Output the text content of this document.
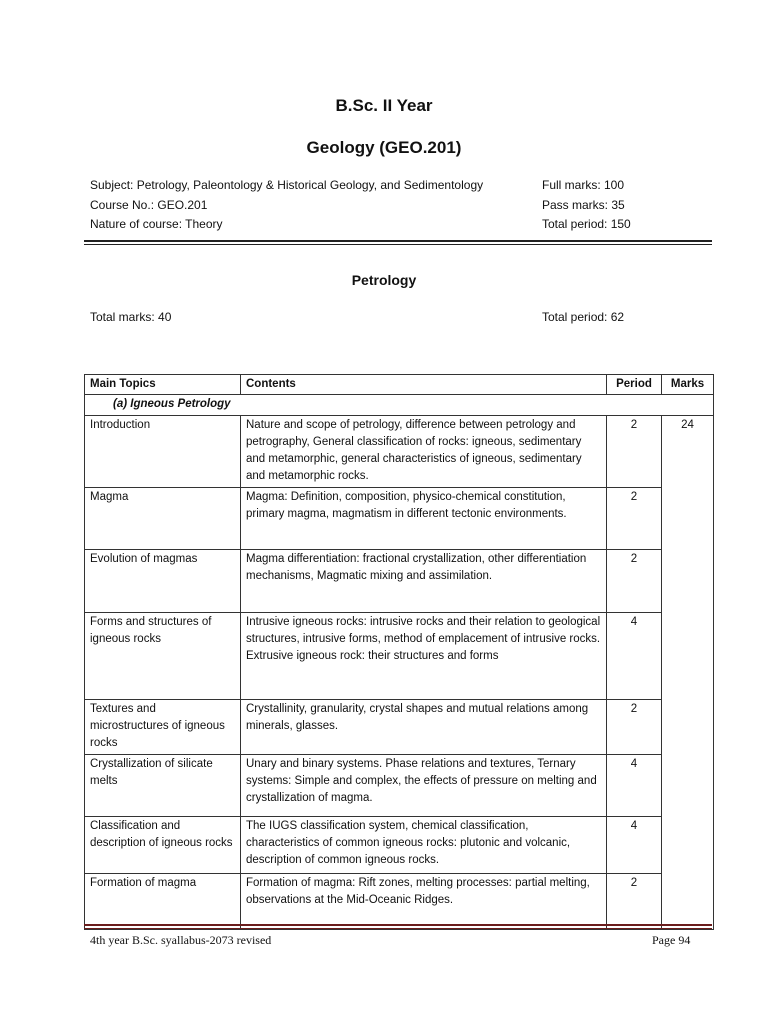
B.Sc. II Year
Geology (GEO.201)
Subject: Petrology, Paleontology & Historical Geology, and Sedimentology
Course No.: GEO.201
Nature of course: Theory
Full marks: 100
Pass marks: 35
Total period: 150
Petrology
Total marks: 40	Total period: 62
Main Topics	Contents	Period	Marks
(a) Igneous Petrology			
Introduction	Nature and scope of petrology, difference between petrology and petrography, General classification of rocks: igneous, sedimentary and metamorphic, general characteristics of igneous, sedimentary and metamorphic rocks.	2	24
Magma	Magma: Definition, composition, physico-chemical constitution, primary magma, magmatism in different tectonic environments.	2	
Evolution of magmas	Magma differentiation: fractional crystallization, other differentiation mechanisms, Magmatic mixing and assimilation.	2	
Forms and structures of igneous rocks	Intrusive igneous rocks: intrusive rocks and their relation to geological structures, intrusive forms, method of emplacement of intrusive rocks. Extrusive igneous rock: their structures and forms	4	
Textures and microstructures of igneous rocks	Crystallinity, granularity, crystal shapes and mutual relations among minerals, glasses.	2	
Crystallization of silicate melts	Unary and binary systems. Phase relations and textures, Ternary systems: Simple and complex, the effects of pressure on melting and crystallization of magma.	4	
Classification and description of igneous rocks	The IUGS classification system, chemical classification, characteristics of common igneous rocks: plutonic and volcanic, description of common igneous rocks.	4	
Formation of magma	Formation of magma: Rift zones, melting processes: partial melting, observations at the Mid-Oceanic Ridges.	2	
4th year B.Sc. syallabus-2073 revised	Page 94
